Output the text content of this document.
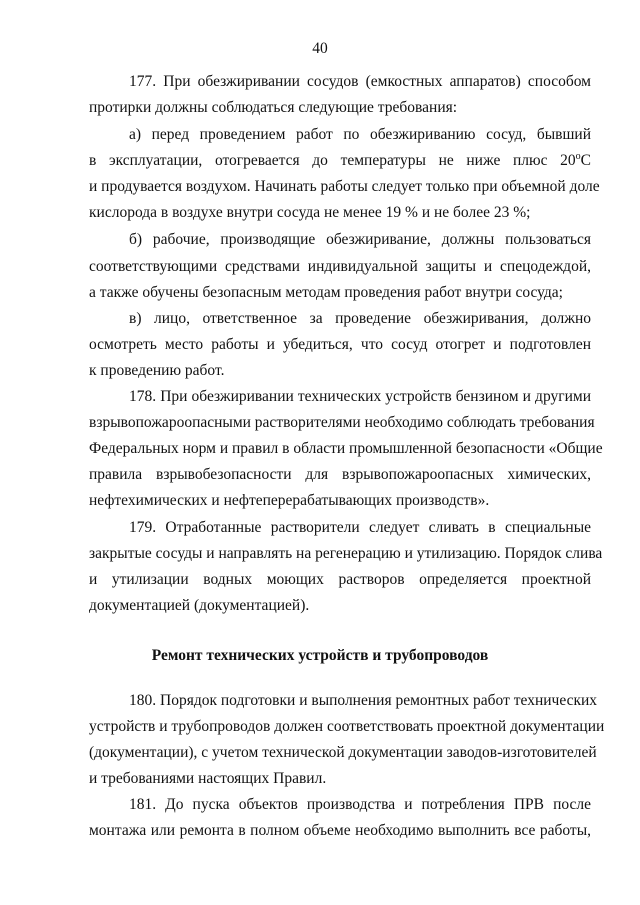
40
177. При обезжиривании сосудов (емкостных аппаратов) способом
протирки должны соблюдаться следующие требования:
а) перед проведением работ по обезжириванию сосуд, бывший
в эксплуатации, отогревается до температуры не ниже плюс 20$^o$C
и продувается воздухом. Начинать работы следует только при объемной доле
кислорода в воздухе внутри сосуда не менее 19 % и не более 23 %;
б) рабочие, производящие обезжиривание, должны пользоваться
соответствующими средствами индивидуальной защиты и спецодеждой,
а также обучены безопасным методам проведения работ внутри сосуда;
в) лицо, ответственное за проведение обезжиривания, должно
осмотреть место работы и убедиться, что сосуд отогрет и подготовлен
к проведению работ.
178. При обезжиривании технических устройств бензином и другими
взрывопожароопасными растворителями необходимо соблюдать требования
Федеральных норм и правил в области промышленной безопасности «Общие
правила взрывобезопасности для взрывопожароопасных химических,
нефтехимических и нефтеперерабатывающих производств».
179. Отработанные растворители следует сливать в специальные
закрытые сосуды и направлять на регенерацию и утилизацию. Порядок слива
и утилизации водных моющих растворов определяется проектной
документацией (документацией).
Ремонт технических устройств и трубопроводов
180. Порядок подготовки и выполнения ремонтных работ технических
устройств и трубопроводов должен соответствовать проектной документации
(документации), с учетом технической документации заводов-изготовителей
и требованиями настоящих Правил.
181. До пуска объектов производства и потребления ПРВ после
монтажа или ремонта в полном объеме необходимо выполнить все работы,
